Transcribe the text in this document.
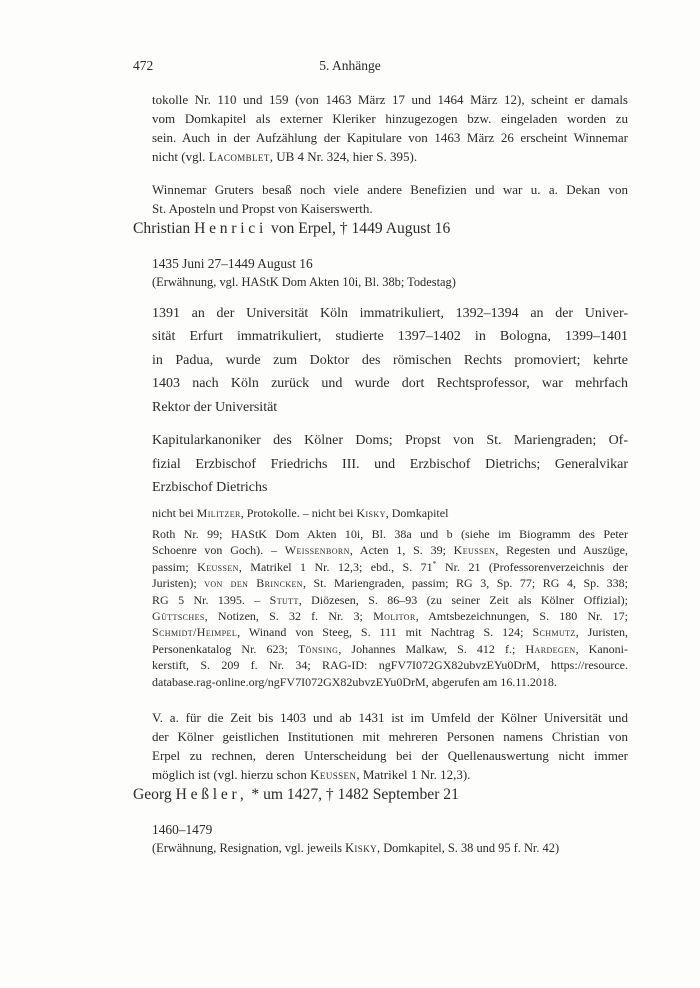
472	5. Anhänge

tokolle Nr. 110 und 159 (von 1463 März 17 und 1464 März 12), scheint er damals
vom Domkapitel als externer Kleriker hinzugezogen bzw. eingeladen worden zu
sein. Auch in der Aufzählung der Kapitulare von 1463 März 26 erscheint Winnemar
nicht (vgl. Lacomblet, UB 4 Nr. 324, hier S. 395).

Winnemar Gruters besaß noch viele andere Benefizien und war u. a. Dekan von
St. Aposteln und Propst von Kaiserswerth.

Christian Henrici von Erpel, † 1449 August 16

1435 Juni 27–1449 August 16

(Erwähnung, vgl. HAStK Dom Akten 10i, Bl. 38b; Todestag)

1391 an der Universität Köln immatrikuliert, 1392–1394 an der Univer-
sität Erfurt immatrikuliert, studierte 1397–1402 in Bologna, 1399–1401
in Padua, wurde zum Doktor des römischen Rechts promoviert; kehrte
1403 nach Köln zurück und wurde dort Rechtsprofessor, war mehrfach
Rektor der Universität

Kapitularkanoniker des Kölner Doms; Propst von St. Mariengraden; Of-
fizial Erzbischof Friedrichs III. und Erzbischof Dietrichs; Generalvikar
Erzbischof Dietrichs

nicht bei Militzer, Protokolle. – nicht bei Kisky, Domkapitel

Roth Nr. 99; HAStK Dom Akten 10i, Bl. 38a und b (siehe im Biogramm des Peter
Schoenre von Goch). – Weissenborn, Acten 1, S. 39; Keussen, Regesten und Auszüge,
passim; Keussen, Matrikel 1 Nr. 12,3; ebd., S. 71* Nr. 21 (Professorenverzeichnis der
Juristen); von den Brincken, St. Mariengraden, passim; RG 3, Sp. 77; RG 4, Sp. 338;
RG 5 Nr. 1395. – Stutt, Diözesen, S. 86–93 (zu seiner Zeit als Kölner Offizial);
Güttsches, Notizen, S. 32 f. Nr. 3; Molitor, Amtsbezeichnungen, S. 180 Nr. 17;
Schmidt/Heimpel, Winand von Steeg, S. 111 mit Nachtrag S. 124; Schmutz, Juristen,
Personenkatalog Nr. 623; Tönsing, Johannes Malkaw, S. 412 f.; Hardegen, Kanoni-
kerstift, S. 209 f. Nr. 34; RAG-ID: ngFV7I072GX82ubvzEYu0DrM, https://resource.
database.rag-online.org/ngFV7I072GX82ubvzEYu0DrM, abgerufen am 16.11.2018.

V. a. für die Zeit bis 1403 und ab 1431 ist im Umfeld der Kölner Universität und
der Kölner geistlichen Institutionen mit mehreren Personen namens Christian von
Erpel zu rechnen, deren Unterscheidung bei der Quellenauswertung nicht immer
möglich ist (vgl. hierzu schon Keussen, Matrikel 1 Nr. 12,3).

Georg Heßler, * um 1427, † 1482 September 21

1460–1479

(Erwähnung, Resignation, vgl. jeweils Kisky, Domkapitel, S. 38 und 95 f. Nr. 42)
